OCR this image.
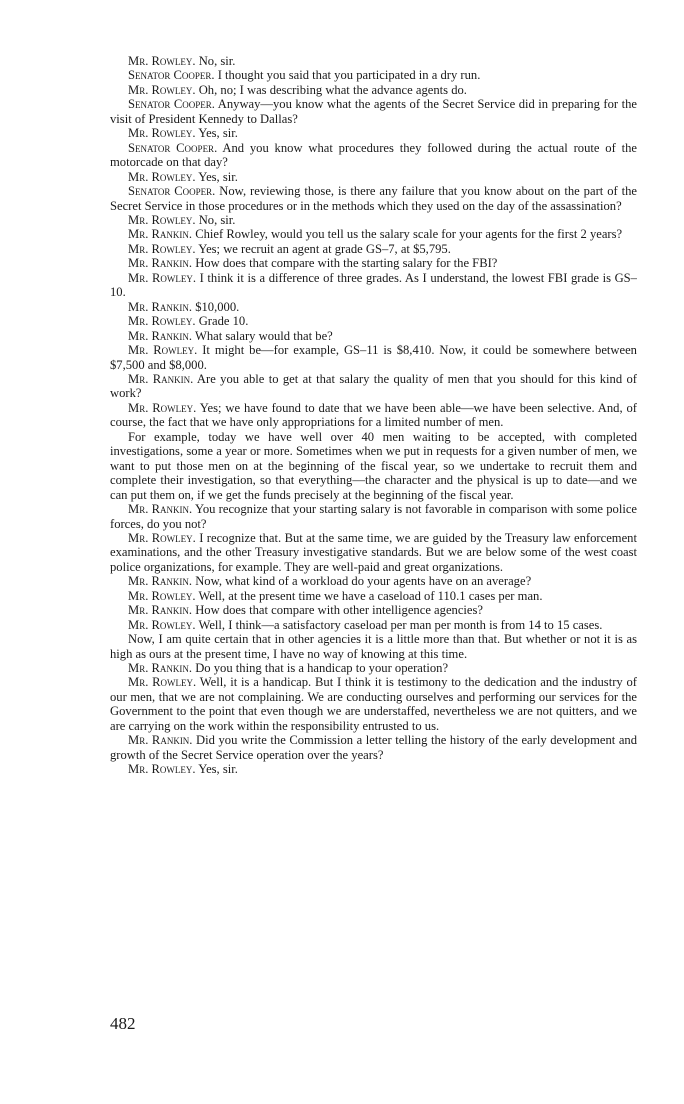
Mr. Rowley. No, sir.

Senator Cooper. I thought you said that you participated in a dry run.

Mr. Rowley. Oh, no; I was describing what the advance agents do.

Senator Cooper. Anyway—you know what the agents of the Secret Service did in preparing for the visit of President Kennedy to Dallas?

Mr. Rowley. Yes, sir.

Senator Cooper. And you know what procedures they followed during the actual route of the motorcade on that day?

Mr. Rowley. Yes, sir.

Senator Cooper. Now, reviewing those, is there any failure that you know about on the part of the Secret Service in those procedures or in the methods which they used on the day of the assassination?

Mr. Rowley. No, sir.

Mr. Rankin. Chief Rowley, would you tell us the salary scale for your agents for the first 2 years?

Mr. Rowley. Yes; we recruit an agent at grade GS–7, at $5,795.

Mr. Rankin. How does that compare with the starting salary for the FBI?

Mr. Rowley. I think it is a difference of three grades. As I understand, the lowest FBI grade is GS–10.

Mr. Rankin. $10,000.

Mr. Rowley. Grade 10.

Mr. Rankin. What salary would that be?

Mr. Rowley. It might be—for example, GS–11 is $8,410. Now, it could be somewhere between $7,500 and $8,000.

Mr. Rankin. Are you able to get at that salary the quality of men that you should for this kind of work?

Mr. Rowley. Yes; we have found to date that we have been able—we have been selective. And, of course, the fact that we have only appropriations for a limited number of men.

For example, today we have well over 40 men waiting to be accepted, with completed investigations, some a year or more. Sometimes when we put in requests for a given number of men, we want to put those men on at the beginning of the fiscal year, so we undertake to recruit them and complete their investigation, so that everything—the character and the physical is up to date—and we can put them on, if we get the funds precisely at the beginning of the fiscal year.

Mr. Rankin. You recognize that your starting salary is not favorable in comparison with some police forces, do you not?

Mr. Rowley. I recognize that. But at the same time, we are guided by the Treasury law enforcement examinations, and the other Treasury investigative standards. But we are below some of the west coast police organizations, for example. They are well-paid and great organizations.

Mr. Rankin. Now, what kind of a workload do your agents have on an average?

Mr. Rowley. Well, at the present time we have a caseload of 110.1 cases per man.

Mr. Rankin. How does that compare with other intelligence agencies?

Mr. Rowley. Well, I think—a satisfactory caseload per man per month is from 14 to 15 cases.

Now, I am quite certain that in other agencies it is a little more than that. But whether or not it is as high as ours at the present time, I have no way of knowing at this time.

Mr. Rankin. Do you thing that is a handicap to your operation?

Mr. Rowley. Well, it is a handicap. But I think it is testimony to the dedication and the industry of our men, that we are not complaining. We are conducting ourselves and performing our services for the Government to the point that even though we are understaffed, nevertheless we are not quitters, and we are carrying on the work within the responsibility entrusted to us.

Mr. Rankin. Did you write the Commission a letter telling the history of the early development and growth of the Secret Service operation over the years?

Mr. Rowley. Yes, sir.

482
